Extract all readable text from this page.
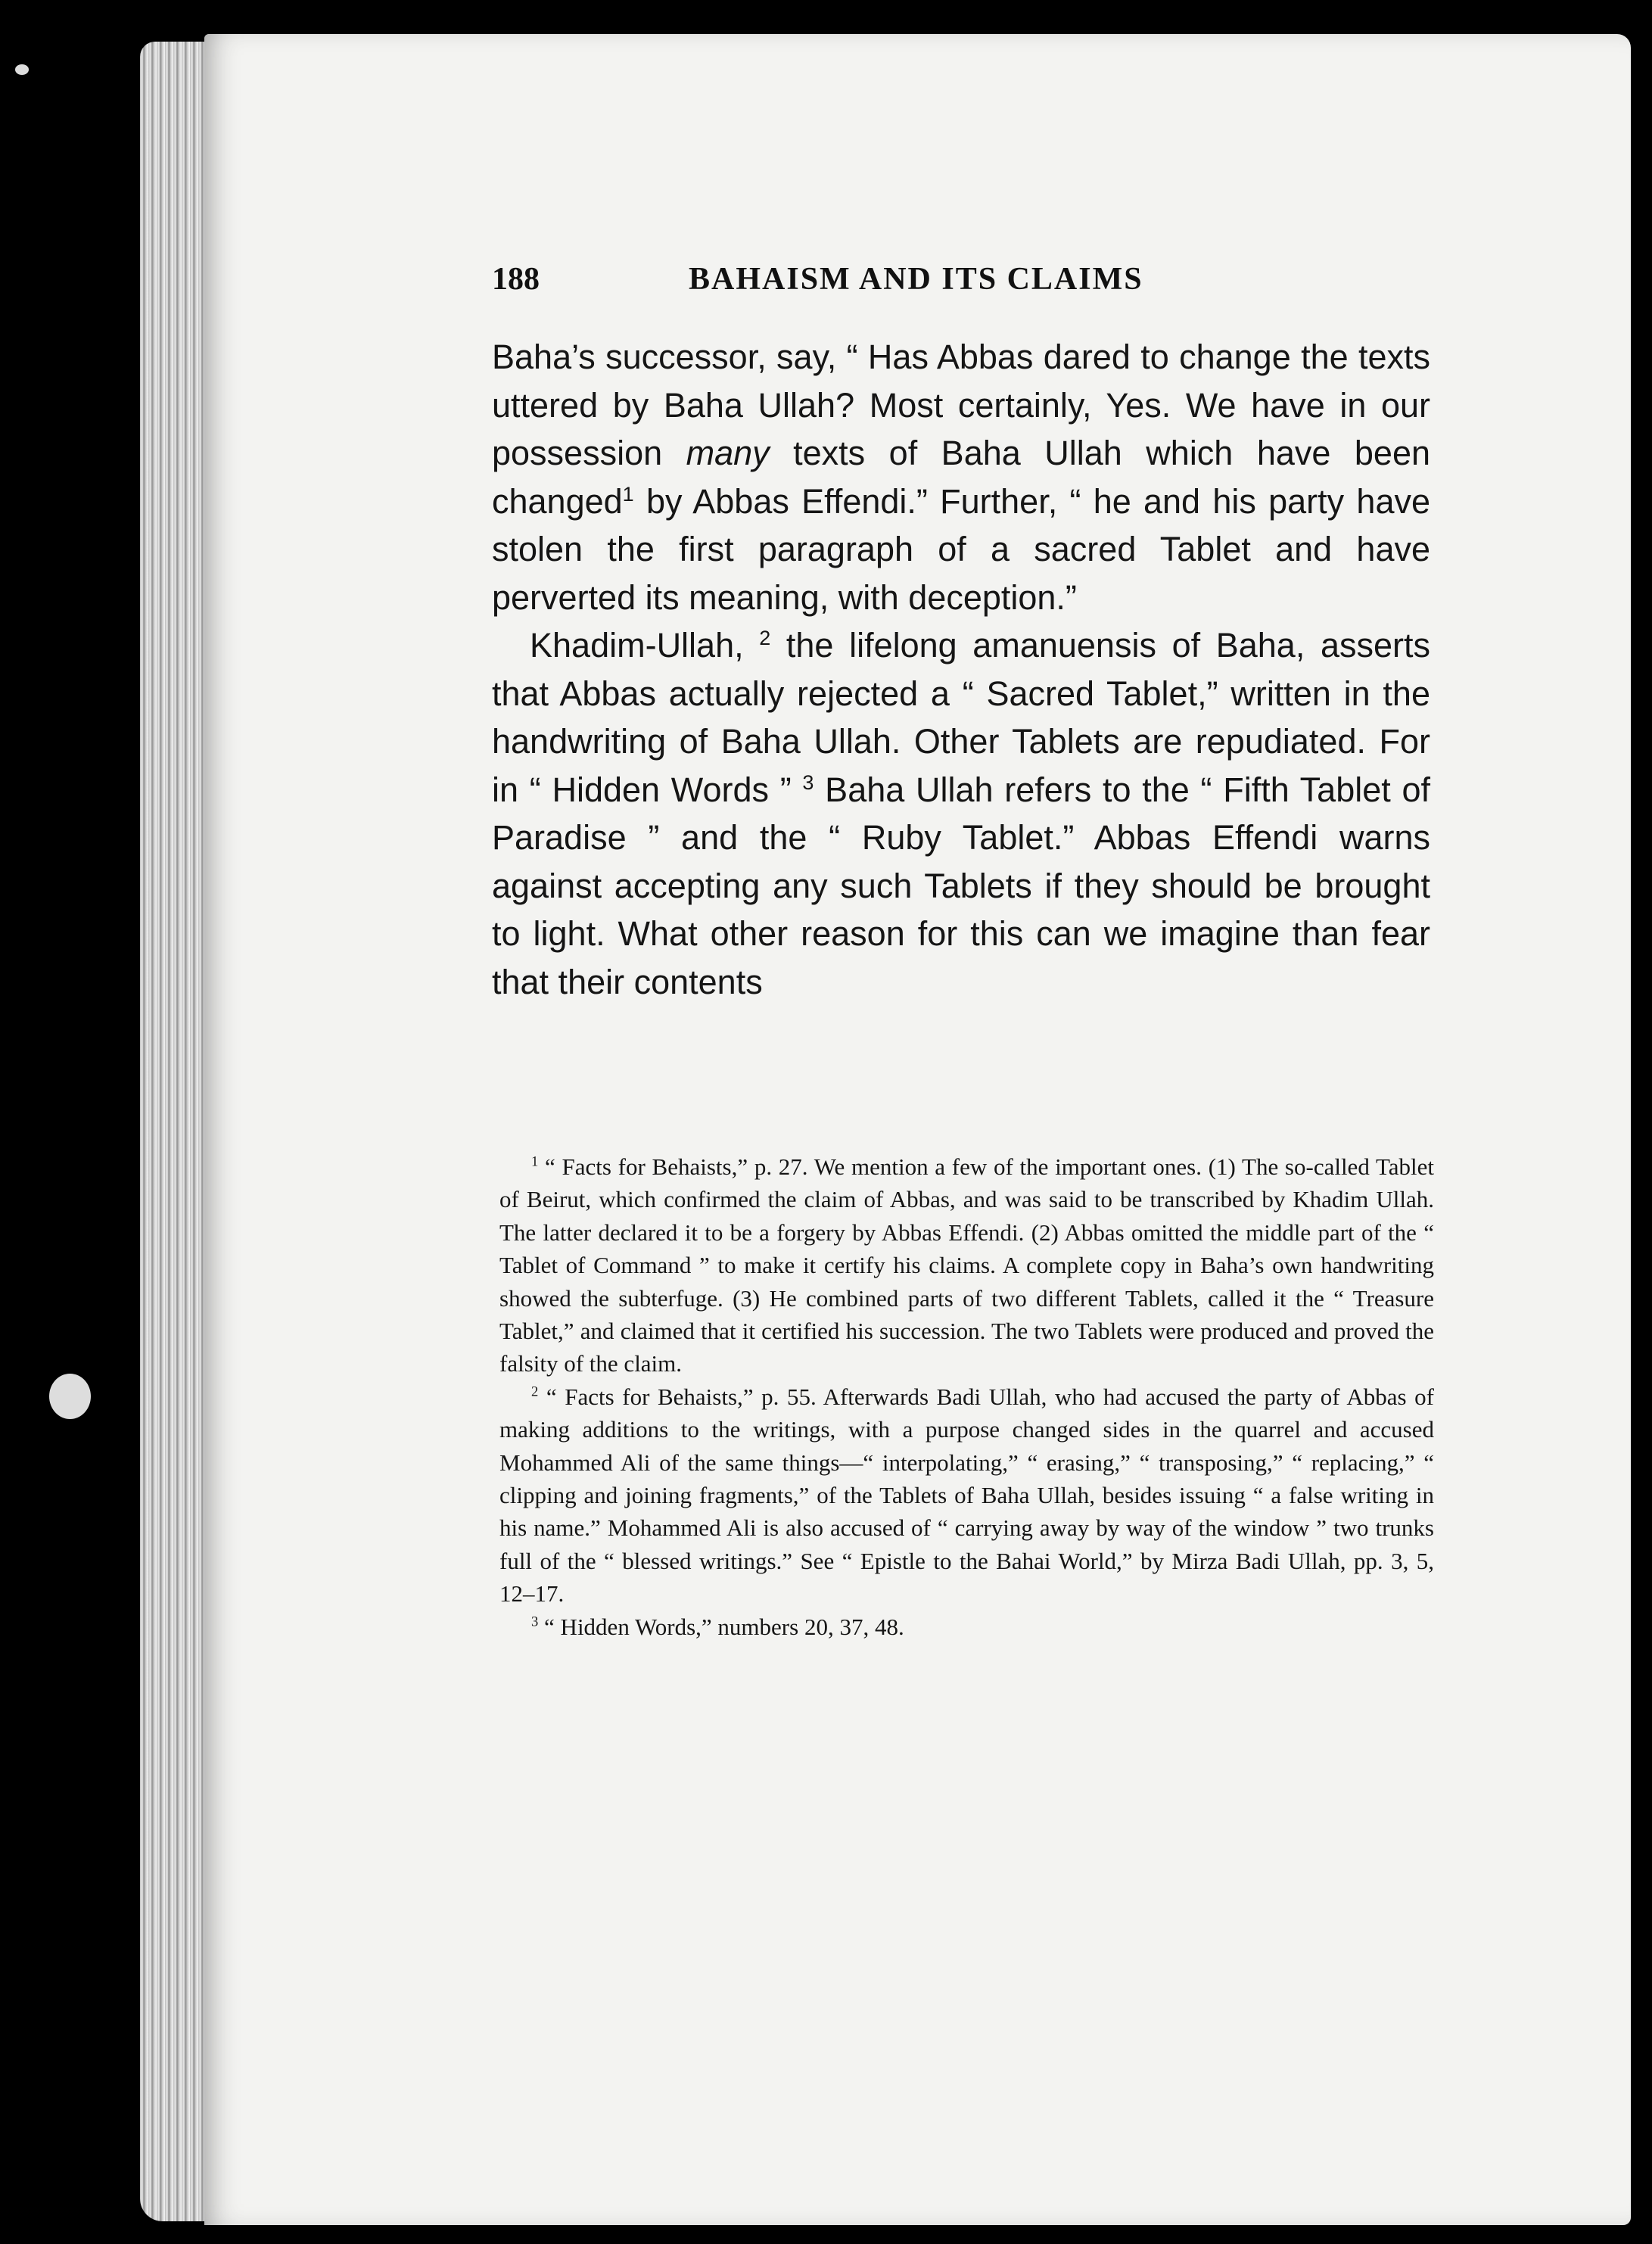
188	BAHAISM AND ITS CLAIMS

Baha’s successor, say, “ Has Abbas dared to change the texts uttered by Baha Ullah? Most certainly, Yes. We have in our possession many texts of Baha Ullah which have been changed$^1$ by Abbas Effendi.” Further, “ he and his party have stolen the first paragraph of a sacred Tablet and have perverted its meaning, with deception.”

Khadim-Ullah, $^2$ the lifelong amanuensis of Baha, asserts that Abbas actually rejected a “ Sacred Tablet,” written in the handwriting of Baha Ullah. Other Tablets are repudiated. For in “ Hidden Words ” $^3$ Baha Ullah refers to the “ Fifth Tablet of Paradise ” and the “ Ruby Tablet.” Abbas Effendi warns against accepting any such Tablets if they should be brought to light. What other reason for this can we imagine than fear that their contents

$^1$ “ Facts for Behaists,” p. 27. We mention a few of the important ones. (1) The so-called Tablet of Beirut, which confirmed the claim of Abbas, and was said to be transcribed by Khadim Ullah. The latter declared it to be a forgery by Abbas Effendi. (2) Abbas omitted the middle part of the “ Tablet of Command ” to make it certify his claims. A complete copy in Baha’s own handwriting showed the subterfuge. (3) He combined parts of two different Tablets, called it the “ Treasure Tablet,” and claimed that it certified his succession. The two Tablets were produced and proved the falsity of the claim.

$^2$ “ Facts for Behaists,” p. 55. Afterwards Badi Ullah, who had accused the party of Abbas of making additions to the writings, with a purpose changed sides in the quarrel and accused Mohammed Ali of the same things—“ interpolating,” “ erasing,” “ transposing,” “ replacing,” “ clipping and joining fragments,” of the Tablets of Baha Ullah, besides issuing “ a false writing in his name.” Mohammed Ali is also accused of “ carrying away by way of the window ” two trunks full of the “ blessed writings.” See “ Epistle to the Bahai World,” by Mirza Badi Ullah, pp. 3, 5, 12–17.

$^3$ “ Hidden Words,” numbers 20, 37, 48.
